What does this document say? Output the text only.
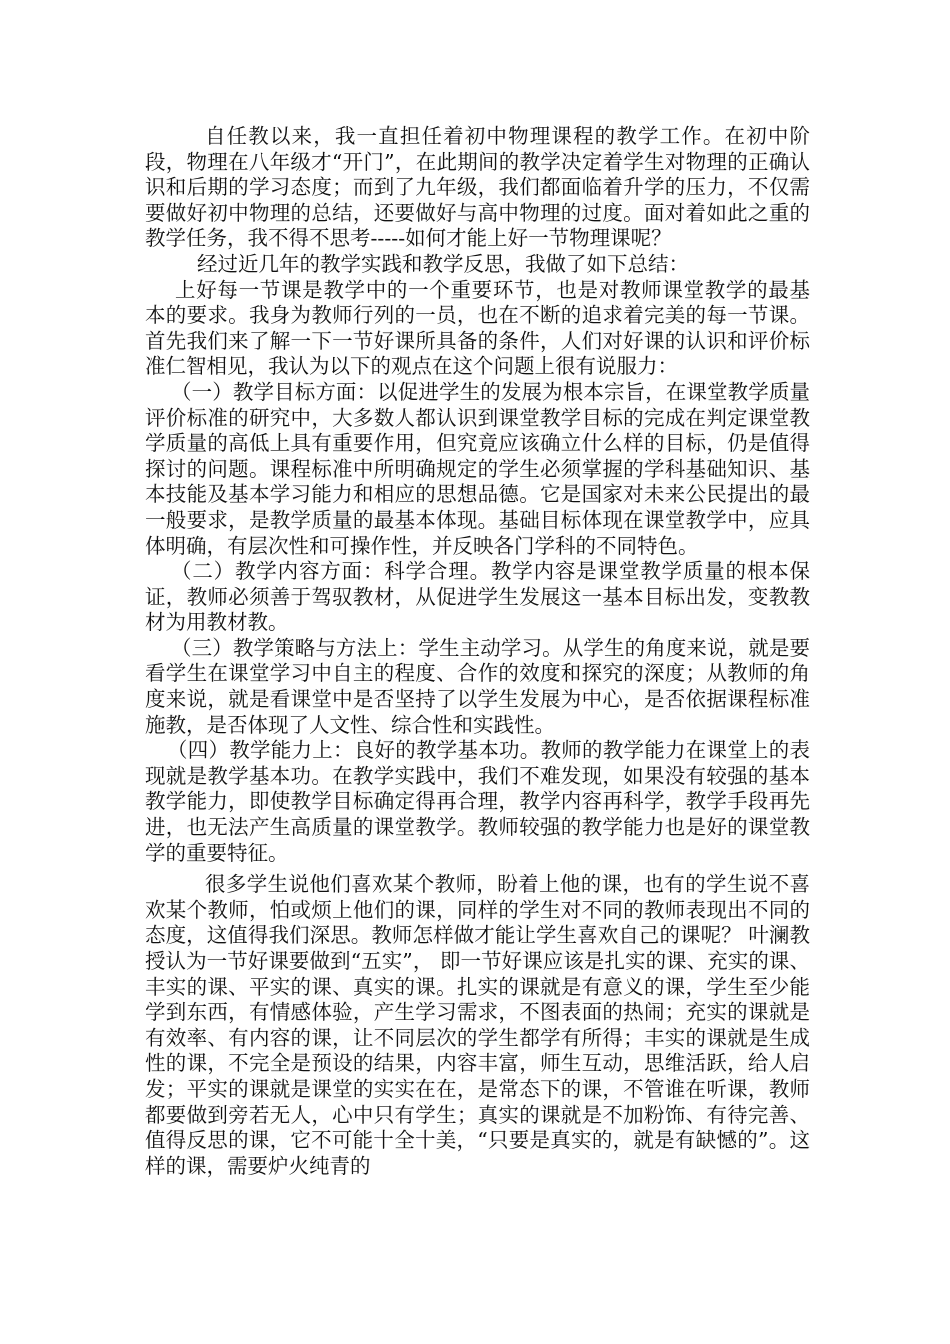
自任教以来，我一直担任着初中物理课程的教学工作。在初中阶段，物理在八年级才“开门”，在此期间的教学决定着学生对物理的正确认识和后期的学习态度；而到了九年级，我们都面临着升学的压力，不仅需要做好初中物理的总结，还要做好与高中物理的过度。面对着如此之重的教学任务，我不得不思考-----如何才能上好一节物理课呢？

经过近几年的教学实践和教学反思，我做了如下总结：

上好每一节课是教学中的一个重要环节，也是对教师课堂教学的最基本的要求。我身为教师行列的一员，也在不断的追求着完美的每一节课。首先我们来了解一下一节好课所具备的条件，人们对好课的认识和评价标准仁智相见，我认为以下的观点在这个问题上很有说服力：

（一）教学目标方面：以促进学生的发展为根本宗旨，在课堂教学质量评价标准的研究中，大多数人都认识到课堂教学目标的完成在判定课堂教学质量的高低上具有重要作用，但究竟应该确立什么样的目标，仍是值得探讨的问题。课程标准中所明确规定的学生必须掌握的学科基础知识、基本技能及基本学习能力和相应的思想品德。它是国家对未来公民提出的最一般要求，是教学质量的最基本体现。基础目标体现在课堂教学中，应具体明确，有层次性和可操作性，并反映各门学科的不同特色。

（二）教学内容方面：科学合理。教学内容是课堂教学质量的根本保证，教师必须善于驾驭教材，从促进学生发展这一基本目标出发，变教教材为用教材教。

（三）教学策略与方法上：学生主动学习。从学生的角度来说，就是要看学生在课堂学习中自主的程度、合作的效度和探究的深度；从教师的角度来说，就是看课堂中是否坚持了以学生发展为中心，是否依据课程标准施教，是否体现了人文性、综合性和实践性。

（四）教学能力上：良好的教学基本功。教师的教学能力在课堂上的表现就是教学基本功。在教学实践中，我们不难发现，如果没有较强的基本教学能力，即使教学目标确定得再合理，教学内容再科学，教学手段再先进，也无法产生高质量的课堂教学。教师较强的教学能力也是好的课堂教学的重要特征。

很多学生说他们喜欢某个教师，盼着上他的课，也有的学生说不喜欢某个教师，怕或烦上他们的课，同样的学生对不同的教师表现出不同的态度，这值得我们深思。教师怎样做才能让学生喜欢自己的课呢？ 叶澜教授认为一节好课要做到“五实”， 即一节好课应该是扎实的课、充实的课、丰实的课、平实的课、真实的课。扎实的课就是有意义的课，学生至少能学到东西，有情感体验，产生学习需求，不图表面的热闹；充实的课就是有效率、有内容的课，让不同层次的学生都学有所得；丰实的课就是生成性的课，不完全是预设的结果，内容丰富，师生互动，思维活跃，给人启发；平实的课就是课堂的实实在在，是常态下的课，不管谁在听课，教师都要做到旁若无人，心中只有学生；真实的课就是不加粉饰、有待完善、值得反思的课，它不可能十全十美，“只要是真实的，就是有缺憾的”。这样的课，需要炉火纯青的
